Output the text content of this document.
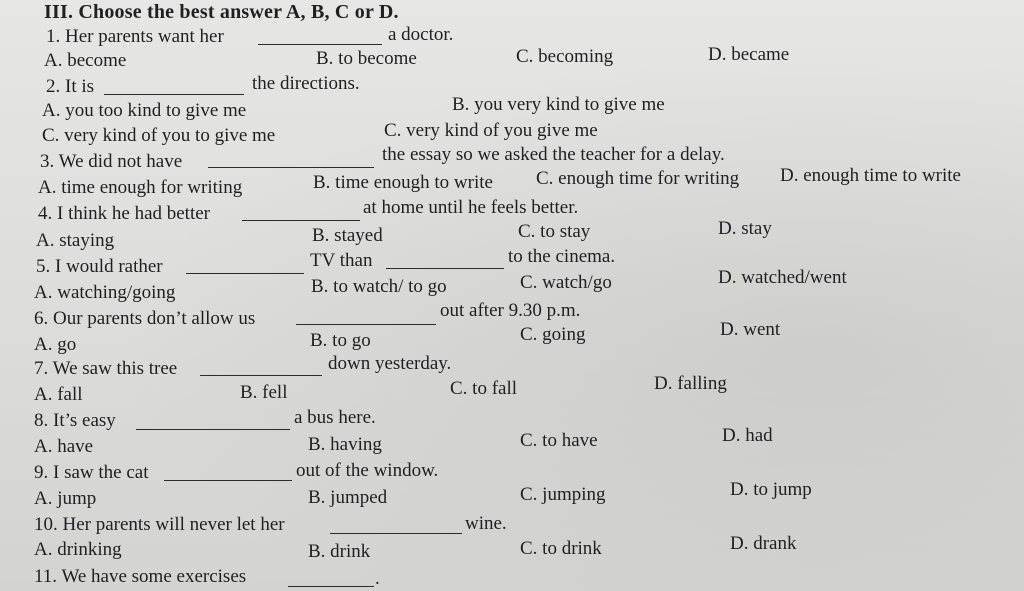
III. Choose the best answer A, B, C or D.
1. Her parents want her	a doctor.
A. become	B. to become	C. becoming	D. became
2. It is	the directions.
A. you too kind to give me	B. you very kind to give me
C. very kind of you to give me	C. very kind of you give me
3. We did not have	the essay so we asked the teacher for a delay.
A. time enough for writing	B. time enough to write C. enough time for writing D. enough time to write
4. I think he had better	at home until he feels better.
A. staying	B. stayed	C. to stay	D. stay
5. I would rather	TV than	to the cinema.
A. watching/going	B. to watch/ to go	C. watch/go	D. watched/went
6. Our parents don’t allow us	out after 9.30 p.m.
A. go	B. to go	C. going	D. went
7. We saw this tree	down yesterday.
A. fall	B. fell	C. to fall	D. falling
8. It’s easy	a bus here.
A. have	B. having	C. to have	D. had
9. I saw the cat	out of the window.
A. jump	B. jumped	C. jumping	D. to jump
10. Her parents will never let her	wine.
A. drinking	B. drink	C. to drink	D. drank
11. We have some exercises	.
